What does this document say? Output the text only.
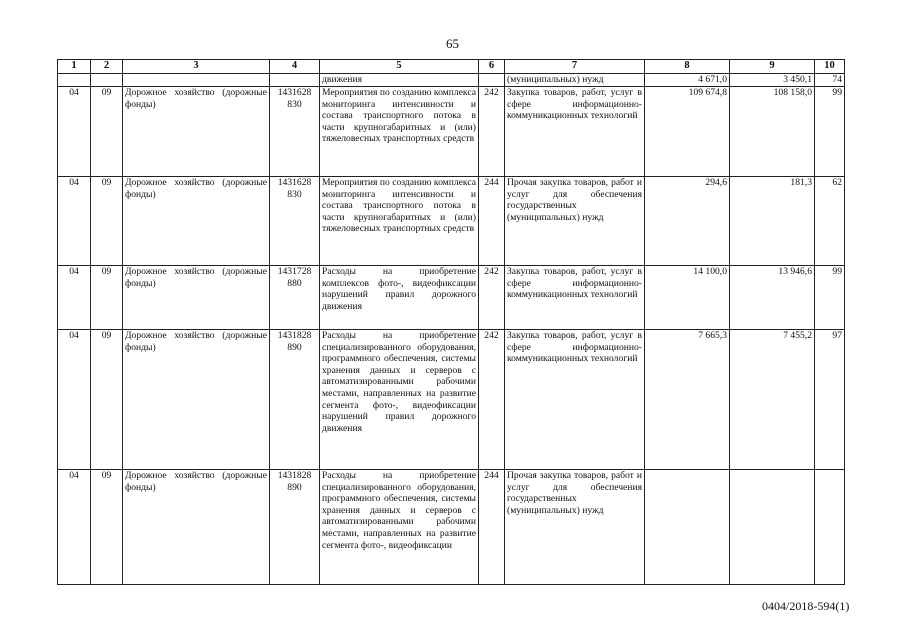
65
1	2	3	4	5	6	7	8	9	10
				движения		(муниципальных) нужд	4 671,0	3 450,1	74
04	09	Дорожное хозяйство (дорожные фонды)	1431628 830	Мероприятия по созданию комплекса мониторинга интенсивности и состава транспортного потока в части крупногабаритных и (или) тяжеловесных транспортных средств	242	Закупка товаров, работ, услуг в сфере информационно-коммуникационных технологий	109 674,8	108 158,0	99
04	09	Дорожное хозяйство (дорожные фонды)	1431628 830	Мероприятия по созданию комплекса мониторинга интенсивности и состава транспортного потока в части крупногабаритных и (или) тяжеловесных транспортных средств	244	Прочая закупка товаров, работ и услуг для обеспечения государственных (муниципальных) нужд	294,6	181,3	62
04	09	Дорожное хозяйство (дорожные фонды)	1431728 880	Расходы на приобретение комплексов фото-, видеофиксации нарушений правил дорожного движения	242	Закупка товаров, работ, услуг в сфере информационно-коммуникационных технологий	14 100,0	13 946,6	99
04	09	Дорожное хозяйство (дорожные фонды)	1431828 890	Расходы на приобретение специализированного оборудования, программного обеспечения, системы хранения данных и серверов с автоматизированными рабочими местами, направленных на развитие сегмента фото-, видеофиксации нарушений правил дорожного движения	242	Закупка товаров, работ, услуг в сфере информационно-коммуникационных технологий	7 665,3	7 455,2	97
04	09	Дорожное хозяйство (дорожные фонды)	1431828 890	Расходы на приобретение специализированного оборудования, программного обеспечения, системы хранения данных и серверов с автоматизированными рабочими местами, направленных на развитие сегмента фото-, видеофиксации	244	Прочая закупка товаров, работ и услуг для обеспечения государственных (муниципальных) нужд			
0404/2018-594(1)
